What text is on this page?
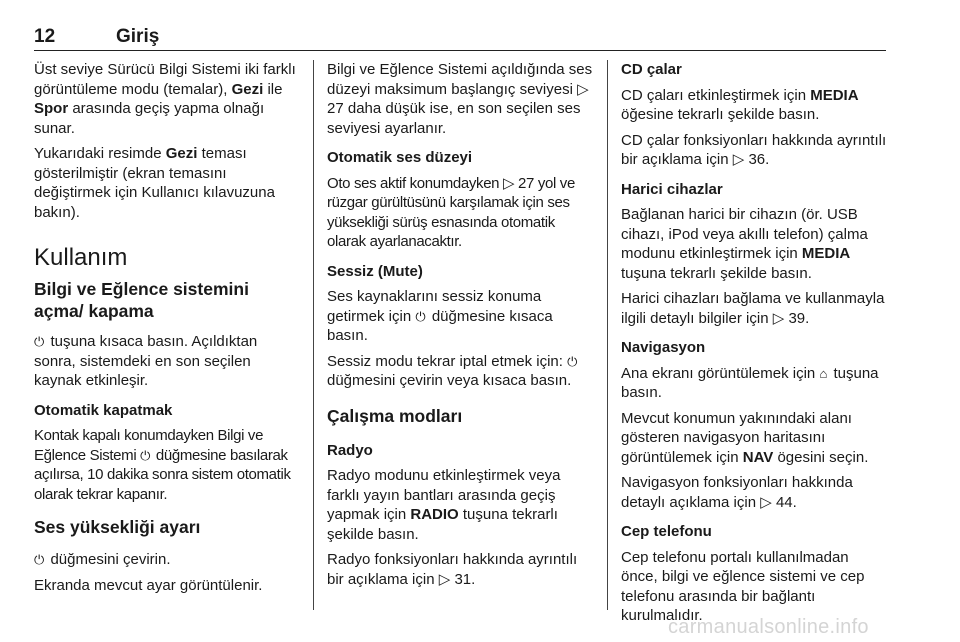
12	Giriş

Üst seviye Sürücü Bilgi Sistemi iki farklı görüntüleme modu (temalar), Gezi ile Spor arasında geçiş yapma olnağı sunar.

Yukarıdaki resimde Gezi teması gösterilmiştir (ekran temasını değiştirmek için Kullanıcı kılavuzuna bakın).

Kullanım
Bilgi ve Eğlence sistemini açma/ kapama

⏻ tuşuna kısaca basın. Açıldıktan sonra, sistemdeki en son seçilen kaynak etkinleşir.

Otomatik kapatmak

Kontak kapalı konumdayken Bilgi ve Eğlence Sistemi ⏻ düğmesine basılarak açılırsa, 10 dakika sonra sistem otomatik olarak tekrar kapanır.

Ses yüksekliği ayarı

⏻ düğmesini çevirin.

Ekranda mevcut ayar görüntülenir.

Bilgi ve Eğlence Sistemi açıldığında ses düzeyi maksimum başlangıç seviyesi ▷ 27 daha düşük ise, en son seçilen ses seviyesi ayarlanır.

Otomatik ses düzeyi

Oto ses aktif konumdayken ▷ 27 yol ve rüzgar gürültüsünü karşılamak için ses yüksekliği sürüş esnasında otomatik olarak ayarlanacaktır.

Sessiz (Mute)

Ses kaynaklarını sessiz konuma getirmek için ⏻ düğmesine kısaca basın.

Sessiz modu tekrar iptal etmek için: ⏻ düğmesini çevirin veya kısaca basın.

Çalışma modları

Radyo

Radyo modunu etkinleştirmek veya farklı yayın bantları arasında geçiş yapmak için RADIO tuşuna tekrarlı şekilde basın.

Radyo fonksiyonları hakkında ayrıntılı bir açıklama için ▷ 31.

CD çalar

CD çaları etkinleştirmek için MEDIA öğesine tekrarlı şekilde basın.

CD çalar fonksiyonları hakkında ayrıntılı bir açıklama için ▷ 36.

Harici cihazlar

Bağlanan harici bir cihazın (ör. USB cihazı, iPod veya akıllı telefon) çalma modunu etkinleştirmek için MEDIA tuşuna tekrarlı şekilde basın.

Harici cihazları bağlama ve kullanmayla ilgili detaylı bilgiler için ▷ 39.

Navigasyon

Ana ekranı görüntülemek için ⌂ tuşuna basın.

Mevcut konumun yakınındaki alanı gösteren navigasyon haritasını görüntülemek için NAV ögesini seçin.

Navigasyon fonksiyonları hakkında detaylı açıklama için ▷ 44.

Cep telefonu

Cep telefonu portalı kullanılmadan önce, bilgi ve eğlence sistemi ve cep telefonu arasında bir bağlantı kurulmalıdır.

carmanualsonline.info
